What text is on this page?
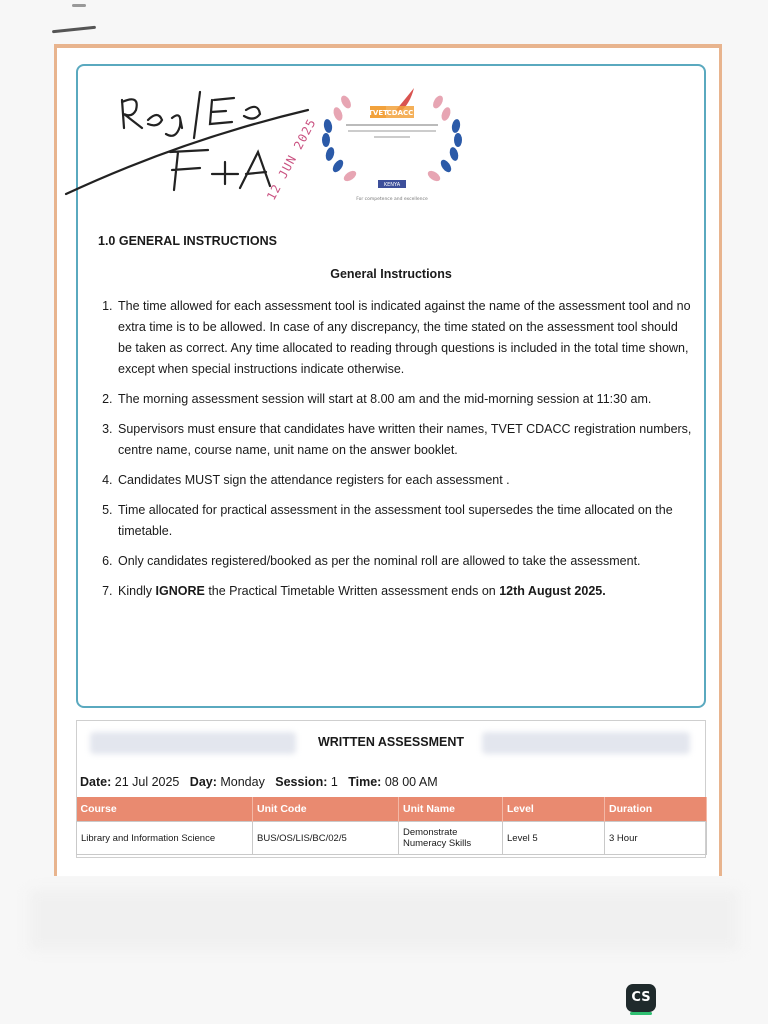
Reg|Eo
TVET
CDACC
KENYA
For competence and excellence
12 JUN 2025
1.0 GENERAL INSTRUCTIONS
General Instructions
1. The time allowed for each assessment tool is indicated against the name of the assessment tool and no extra time is to be allowed. In case of any discrepancy, the time stated on the assessment tool should be taken as correct. Any time allocated to reading through questions is included in the total time shown, except when special instructions indicate otherwise.
2. The morning assessment session will start at 8.00 am and the mid-morning session at 11:30 am.
3. Supervisors must ensure that candidates have written their names, TVET CDACC registration numbers, centre name, course name, unit name on the answer booklet.
4. Candidates MUST sign the attendance registers for each assessment .
5. Time allocated for practical assessment in the assessment tool supersedes the time allocated on the timetable.
6. Only candidates registered/booked as per the nominal roll are allowed to take the assessment.
7. Kindly IGNORE the Practical Timetable Written assessment ends on 12th August 2025.
WRITTEN ASSESSMENT
Date: 21 Jul 2025 Day: Monday Session: 1 Time: 08 00 AM
Course	Unit Code	Unit Name	Level	Duration
Library and Information Science	BUS/OS/LIS/BC/02/5	Demonstrate Numeracy Skills	Level 5	3 Hour
CS
